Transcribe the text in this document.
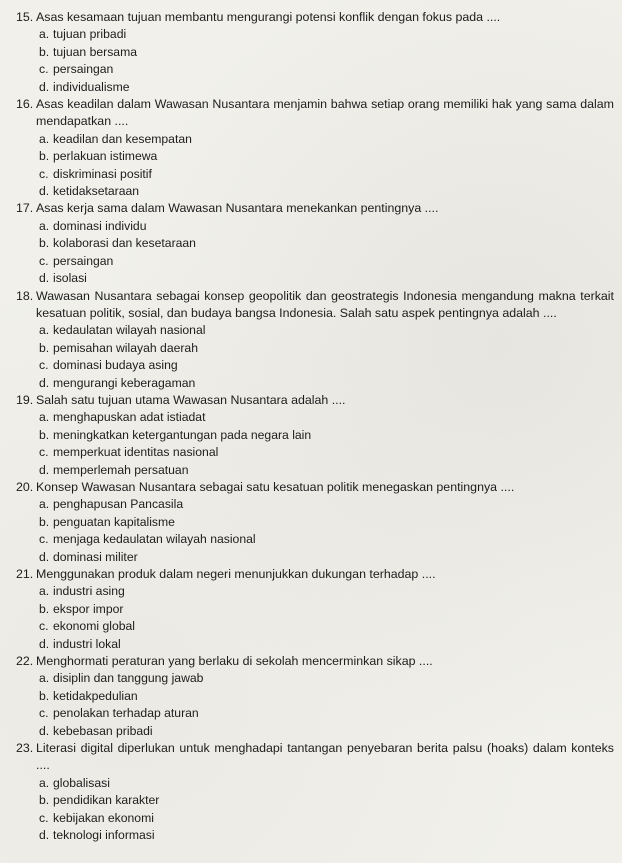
15. Asas kesamaan tujuan membantu mengurangi potensi konflik dengan fokus pada ....
a. tujuan pribadi
b. tujuan bersama
c. persaingan
d. individualisme
16. Asas keadilan dalam Wawasan Nusantara menjamin bahwa setiap orang memiliki hak yang sama dalam mendapatkan ....
a. keadilan dan kesempatan
b. perlakuan istimewa
c. diskriminasi positif
d. ketidaksetaraan
17. Asas kerja sama dalam Wawasan Nusantara menekankan pentingnya ....
a. dominasi individu
b. kolaborasi dan kesetaraan
c. persaingan
d. isolasi
18. Wawasan Nusantara sebagai konsep geopolitik dan geostrategis Indonesia mengandung makna terkait kesatuan politik, sosial, dan budaya bangsa Indonesia. Salah satu aspek pentingnya adalah ....
a. kedaulatan wilayah nasional
b. pemisahan wilayah daerah
c. dominasi budaya asing
d. mengurangi keberagaman
19. Salah satu tujuan utama Wawasan Nusantara adalah ....
a. menghapuskan adat istiadat
b. meningkatkan ketergantungan pada negara lain
c. memperkuat identitas nasional
d. memperlemah persatuan
20. Konsep Wawasan Nusantara sebagai satu kesatuan politik menegaskan pentingnya ....
a. penghapusan Pancasila
b. penguatan kapitalisme
c. menjaga kedaulatan wilayah nasional
d. dominasi militer
21. Menggunakan produk dalam negeri menunjukkan dukungan terhadap ....
a. industri asing
b. ekspor impor
c. ekonomi global
d. industri lokal
22. Menghormati peraturan yang berlaku di sekolah mencerminkan sikap ....
a. disiplin dan tanggung jawab
b. ketidakpedulian
c. penolakan terhadap aturan
d. kebebasan pribadi
23. Literasi digital diperlukan untuk menghadapi tantangan penyebaran berita palsu (hoaks) dalam konteks ....
a. globalisasi
b. pendidikan karakter
c. kebijakan ekonomi
d. teknologi informasi
